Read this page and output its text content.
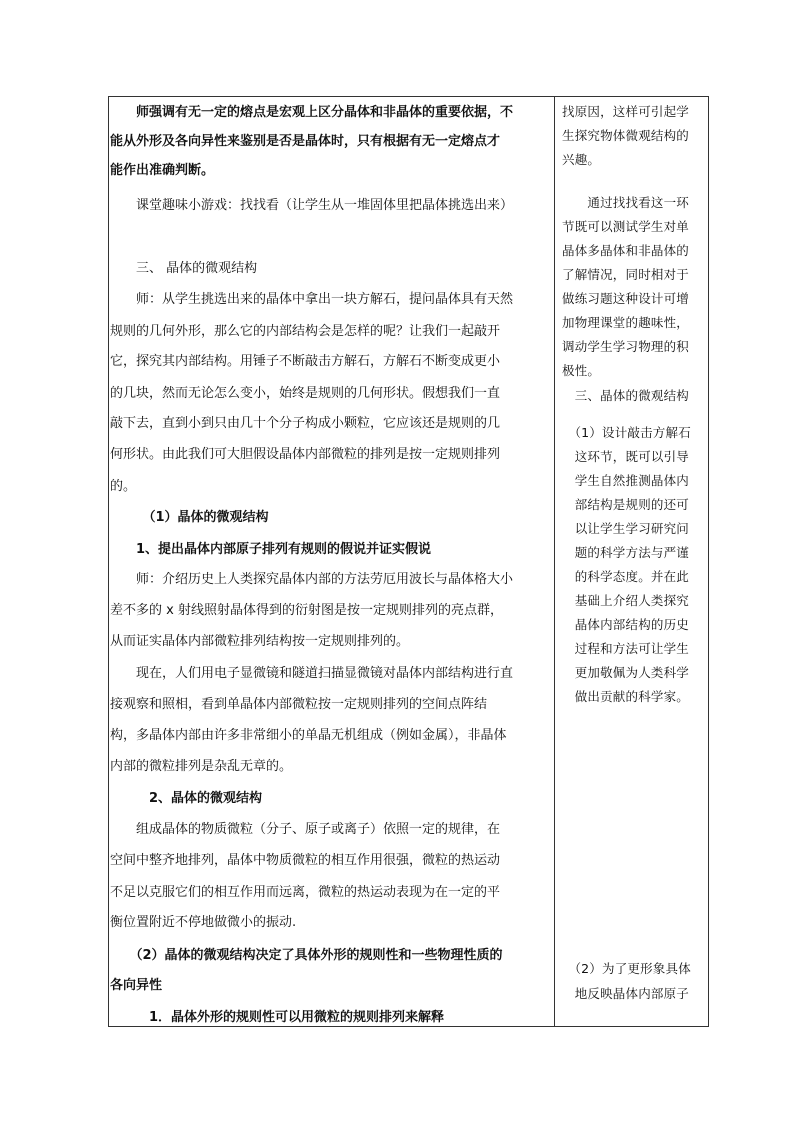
　　师强调有无一定的熔点是宏观上区分晶体和非晶体的重要依据，不

能从外形及各向异性来鉴别是否是晶体时，只有根据有无一定熔点才

能作出准确判断。

　　课堂趣味小游戏：找找看（让学生从一堆固体里把晶体挑选出来）

　　三、 晶体的微观结构

　　师：从学生挑选出来的晶体中拿出一块方解石，提问晶体具有天然

规则的几何外形，那么它的内部结构会是怎样的呢？让我们一起敲开

它，探究其内部结构。用锤子不断敲击方解石，方解石不断变成更小

的几块，然而无论怎么变小，始终是规则的几何形状。假想我们一直

敲下去，直到小到只由几十个分子构成小颗粒，它应该还是规则的几

何形状。由此我们可大胆假设晶体内部微粒的排列是按一定规则排列

的。

　　　（1）晶体的微观结构

　　1、提出晶体内部原子排列有规则的假说并证实假说

　　师：介绍历史上人类探究晶体内部的方法劳厄用波长与晶体格大小

差不多的 x 射线照射晶体得到的衍射图是按一定规则排列的亮点群，

从而证实晶体内部微粒排列结构按一定规则排列的。

　　现在，人们用电子显微镜和隧道扫描显微镜对晶体内部结构进行直

接观察和照相，看到单晶体内部微粒按一定规则排列的空间点阵结

构，多晶体内部由许多非常细小的单晶无机组成（例如金属），非晶体

内部的微粒排列是杂乱无章的。

　　　2、晶体的微观结构

　　组成晶体的物质微粒（分子、原子或离子）依照一定的规律，在

空间中整齐地排列，晶体中物质微粒的相互作用很强，微粒的热运动

不足以克服它们的相互作用而远离，微粒的热运动表现为在一定的平

衡位置附近不停地做微小的振动.

　　（2）晶体的微观结构决定了具体外形的规则性和一些物理性质的

各向异性

　　　1．晶体外形的规则性可以用微粒的规则排列来解释

找原因，这样可引起学

生探究物体微观结构的

兴趣。

　　通过找找看这一环

节既可以测试学生对单

晶体多晶体和非晶体的

了解情况，同时相对于

做练习题这种设计可增

加物理课堂的趣味性，

调动学生学习物理的积

极性。

　三、晶体的微观结构

　（1）设计敲击方解石

　这环节，既可以引导

　学生自然推测晶体内

　部结构是规则的还可

　以让学生学习研究问

　题的科学方法与严谨

　的科学态度。并在此

　基础上介绍人类探究

　晶体内部结构的历史

　过程和方法可让学生

　更加敬佩为人类科学

　做出贡献的科学家。

　（2）为了更形象具体

　地反映晶体内部原子
